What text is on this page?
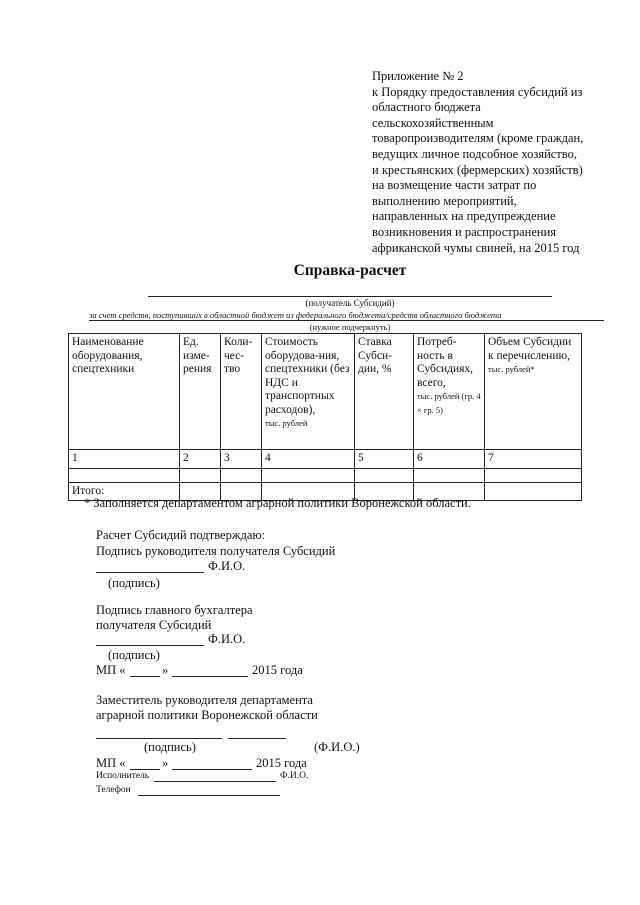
Приложение № 2
к Порядку предоставления субсидий из
областного бюджета
сельскохозяйственным
товаропроизводителям (кроме граждан,
ведущих личное подсобное хозяйство,
и крестьянских (фермерских) хозяйств)
на возмещение части затрат по
выполнению мероприятий,
направленных на предупреждение
возникновения и распространения
африканской чумы свиней, на 2015 год
Справка-расчет
(получатель Субсидий)
за счет средств, поступивших в областной бюджет из федерального бюджета/средств областного бюджета
(нужное подчеркнуть)
Наименование оборудования, спецтехники	Ед. изме-рения	Коли-чес-тво	Стоимость оборудова-ния, спецтехники (без НДС и транспортных расходов),
тыс. рублей	Ставка Субси-дии, %	Потреб-ность в Субсидиях, всего,
тыс. рублей (гр. 4 × гр. 5)	Объем Субсидии к перечислению,
тыс. рублей*
1	2	3	4	5	6	7

Итого:						
* Заполняется департаментом аграрной политики Воронежской области.
Расчет Субсидий подтверждаю:
Подпись руководителя получателя Субсидий
Ф.И.О.
(подпись)
Подпись главного бухгалтера
получателя Субсидий
Ф.И.О.
(подпись)
МП «	»	2015 года
Заместитель руководителя департамента
аграрной политики Воронежской области
(подпись)	(Ф.И.О.)
МП «	»	2015 года
Исполнитель	Ф.И.О.
Телефон
